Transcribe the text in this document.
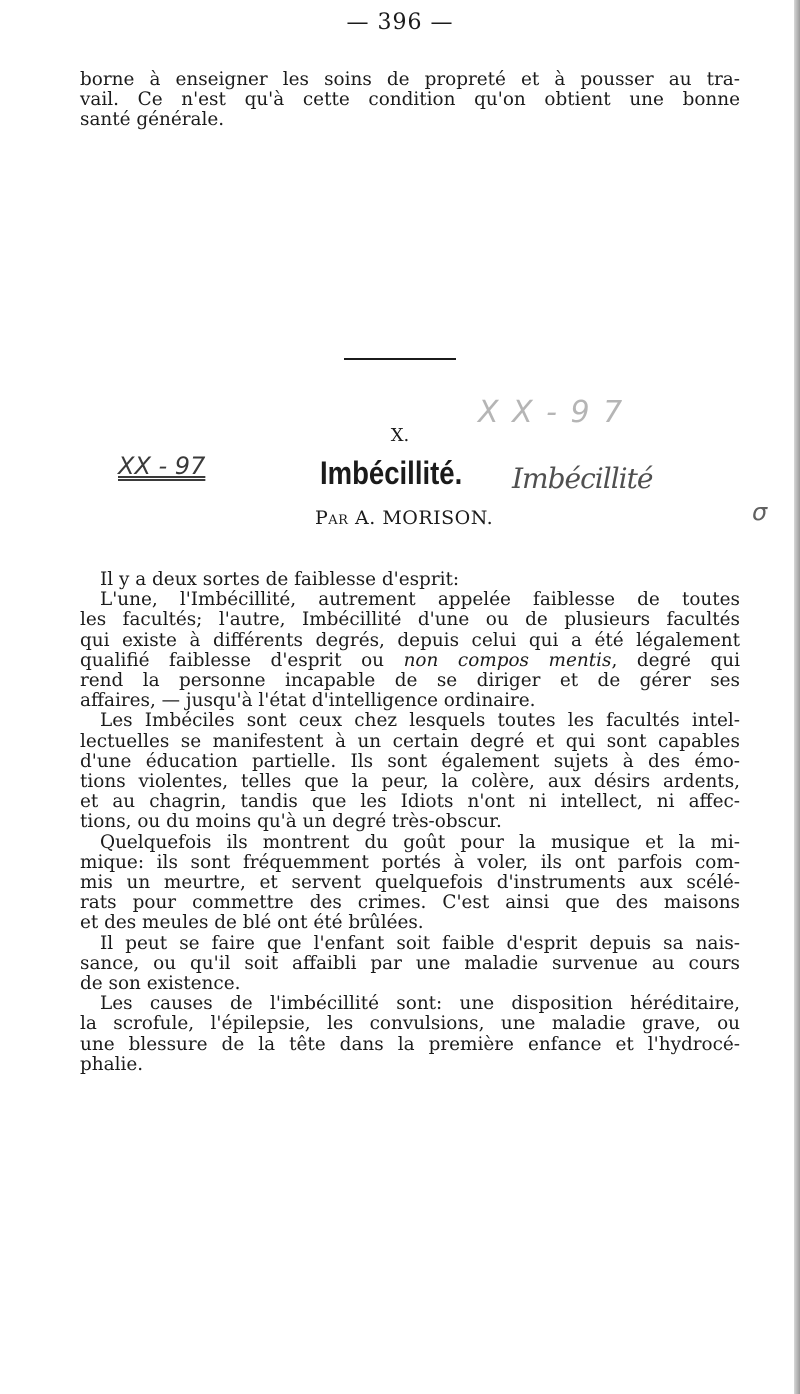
— 396 —
borne à enseigner les soins de propreté et à pousser au tra-
vail. Ce n'est qu'à cette condition qu'on obtient une bonne
santé générale.
X X - 9 7
XX - 97
X.
Imbécillité. Imbécillité
σ
Par A. MORISON.
Il y a deux sortes de faiblesse d'esprit:
L'une, l'Imbécillité, autrement appelée faiblesse de toutes
les facultés; l'autre, Imbécillité d'une ou de plusieurs facultés
qui existe à différents degrés, depuis celui qui a été légalement
qualifié faiblesse d'esprit ou non compos mentis, degré qui
rend la personne incapable de se diriger et de gérer ses
affaires, — jusqu'à l'état d'intelligence ordinaire.
Les Imbéciles sont ceux chez lesquels toutes les facultés intel-
lectuelles se manifestent à un certain degré et qui sont capables
d'une éducation partielle. Ils sont également sujets à des émo-
tions violentes, telles que la peur, la colère, aux désirs ardents,
et au chagrin, tandis que les Idiots n'ont ni intellect, ni affec-
tions, ou du moins qu'à un degré très-obscur.
Quelquefois ils montrent du goût pour la musique et la mi-
mique: ils sont fréquemment portés à voler, ils ont parfois com-
mis un meurtre, et servent quelquefois d'instruments aux scélé-
rats pour commettre des crimes. C'est ainsi que des maisons
et des meules de blé ont été brûlées.
Il peut se faire que l'enfant soit faible d'esprit depuis sa nais-
sance, ou qu'il soit affaibli par une maladie survenue au cours
de son existence.
Les causes de l'imbécillité sont: une disposition héréditaire,
la scrofule, l'épilepsie, les convulsions, une maladie grave, ou
une blessure de la tête dans la première enfance et l'hydrocé-
phalie.
